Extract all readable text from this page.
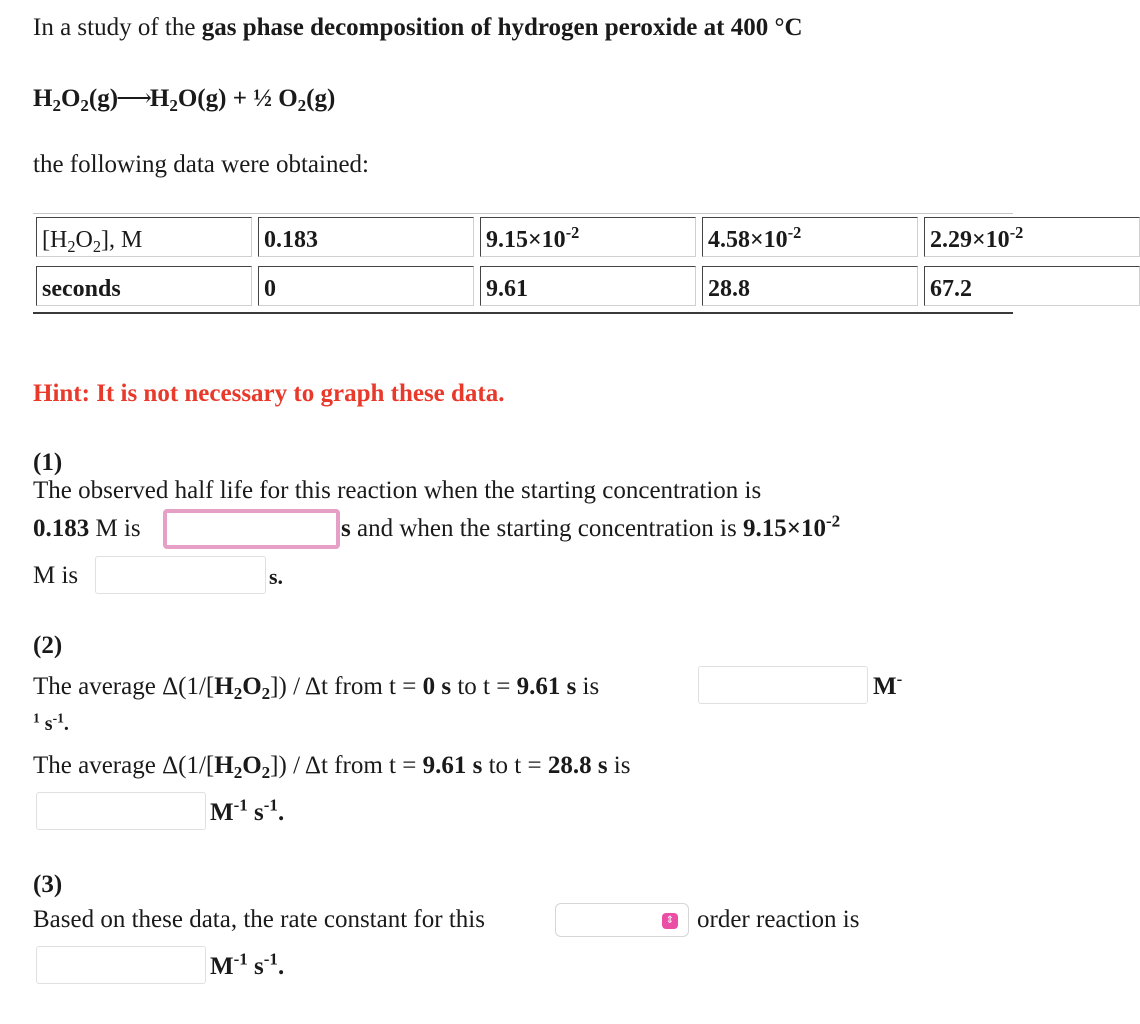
In a study of the gas phase decomposition of hydrogen peroxide at 400 °C
$H_2O_2(g)⟶H_2O(g)$ + ½ $O_2(g)$
the following data were obtained:
$[H_2O_2]$, M	0.183	$9.15\times 10^{-2}$	$4.58\times 10^{-2}$	$2.29\times 10^{-2}$
seconds	0	9.61	28.8	67.2
Hint: It is not necessary to graph these data.
(1)
The observed half life for this reaction when the starting concentration is
0.183 M is	s and when the starting concentration is $9.15\times 10^{-2}$
M is	s.
(2)
The average $\Delta(1/[H_2O_2])$ / Δt from t = 0 s to t = 9.61 s is	M-
$^1$ $s^{-1}$.
The average $\Delta(1/[H_2O_2])$ / Δt from t = 9.61 s to t = 28.8 s is
$M^{-1}$ $s^{-1}$.
(3)
Based on these data, the rate constant for this	⇕ order reaction is
$M^{-1}$ $s^{-1}$.
